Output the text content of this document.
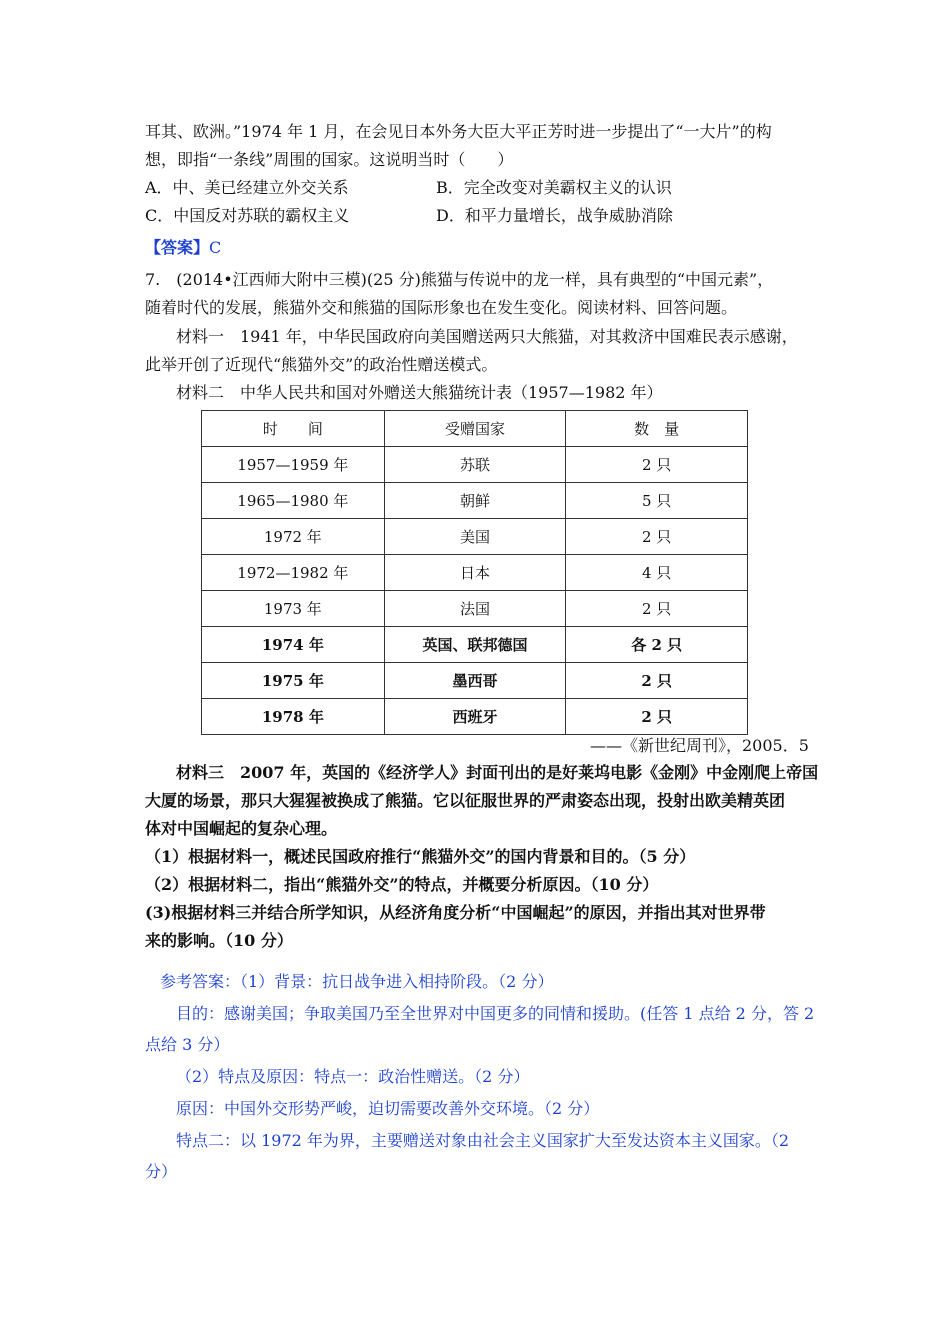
耳其、欧洲。”1974 年 1 月，在会见日本外务大臣大平正芳时进一步提出了“一大片”的构
想，即指“一条线”周围的国家。这说明当时（　　）
A．中、美已经建立外交关系	B．完全改变对美霸权主义的认识
C．中国反对苏联的霸权主义	D．和平力量增长，战争威胁消除
【答案】C
7.　(2014•江西师大附中三模)(25 分)熊猫与传说中的龙一样，具有典型的“中国元素”，
随着时代的发展，熊猫外交和熊猫的国际形象也在发生变化。阅读材料、回答问题。
材料一　1941 年，中华民国政府向美国赠送两只大熊猫，对其救济中国难民表示感谢，
此举开创了近现代“熊猫外交”的政治性赠送模式。
材料二　中华人民共和国对外赠送大熊猫统计表（1957—1982 年）
时　　间	受赠国家	数　量
1957—1959 年	苏联	2 只
1965—1980 年	朝鲜	5 只
1972 年	美国	2 只
1972—1982 年	日本	4 只
1973 年	法国	2 只
1974 年	英国、联邦德国	各 2 只
1975 年	墨西哥	2 只
1978 年	西班牙	2 只
——《新世纪周刊》，2005．5
材料三　2007 年，英国的《经济学人》封面刊出的是好莱坞电影《金刚》中金刚爬上帝国
大厦的场景，那只大猩猩被换成了熊猫。它以征服世界的严肃姿态出现，投射出欧美精英团
体对中国崛起的复杂心理。
（1）根据材料一，概述民国政府推行“熊猫外交”的国内背景和目的。（5 分）
（2）根据材料二，指出“熊猫外交”的特点，并概要分析原因。（10 分）
(3)根据材料三并结合所学知识，从经济角度分析“中国崛起”的原因，并指出其对世界带
来的影响。（10 分）
参考答案：（1）背景：抗日战争进入相持阶段。（2 分）
目的：感谢美国；争取美国乃至全世界对中国更多的同情和援助。(任答 1 点给 2 分，答 2
点给 3 分）
（2）特点及原因：特点一：政治性赠送。（2 分）
原因：中国外交形势严峻，迫切需要改善外交环境。（2 分）
特点二：以 1972 年为界，主要赠送对象由社会主义国家扩大至发达资本主义国家。（2
分）
